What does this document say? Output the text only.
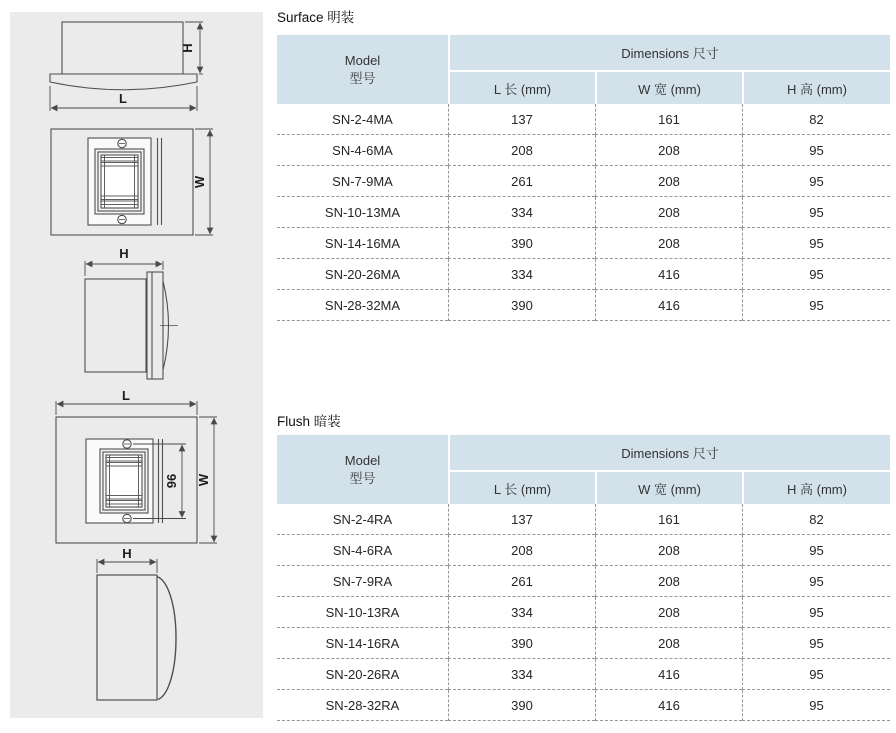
H
L
W
H
L
96 W
H
Surface 明装
Model
型号	Dimensions 尺寸		
	L 长 (mm)	W 宽 (mm)	H 高 (mm)
SN-2-4MA	137	161	82
SN-4-6MA	208	208	95
SN-7-9MA	261	208	95
SN-10-13MA	334	208	95
SN-14-16MA	390	208	95
SN-20-26MA	334	416	95
SN-28-32MA	390	416	95
Flush 暗装
Model
型号	Dimensions 尺寸		
	L 长 (mm)	W 宽 (mm)	H 高 (mm)
SN-2-4RA	137	161	82
SN-4-6RA	208	208	95
SN-7-9RA	261	208	95
SN-10-13RA	334	208	95
SN-14-16RA	390	208	95
SN-20-26RA	334	416	95
SN-28-32RA	390	416	95
